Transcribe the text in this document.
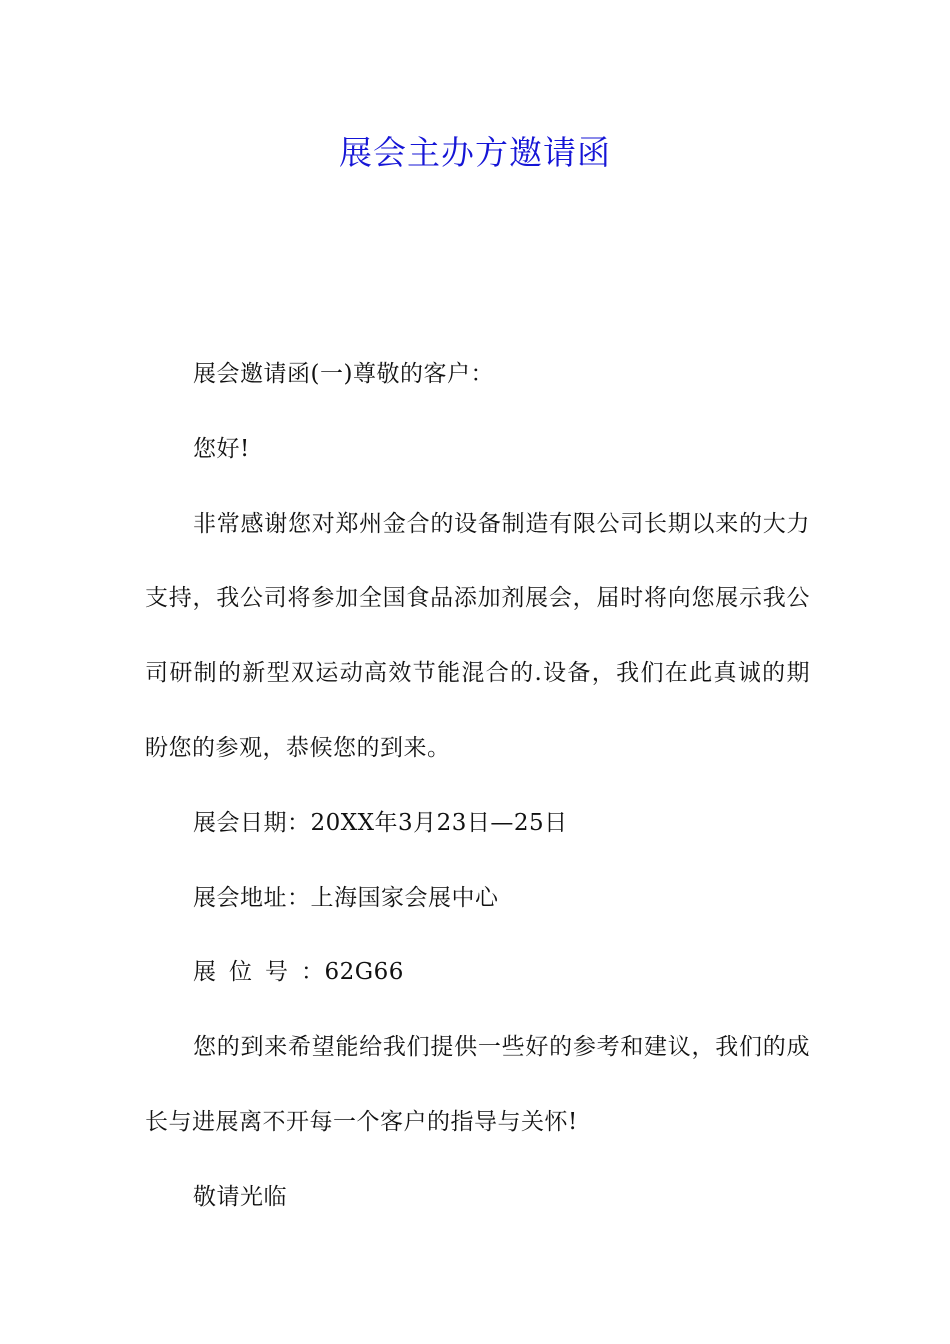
展会主办方邀请函

展会邀请函(一)尊敬的客户：

您好!

非常感谢您对郑州金合的设备制造有限公司长期以来的大力支持，我公司将参加全国食品添加剂展会，届时将向您展示我公司研制的新型双运动高效节能混合的.设备，我们在此真诚的期盼您的参观，恭候您的到来。

展会日期：20XX年3月23日—25日

展会地址：上海国家会展中心

展位号：62G66

您的到来希望能给我们提供一些好的参考和建议，我们的成长与进展离不开每一个客户的指导与关怀!

敬请光临
